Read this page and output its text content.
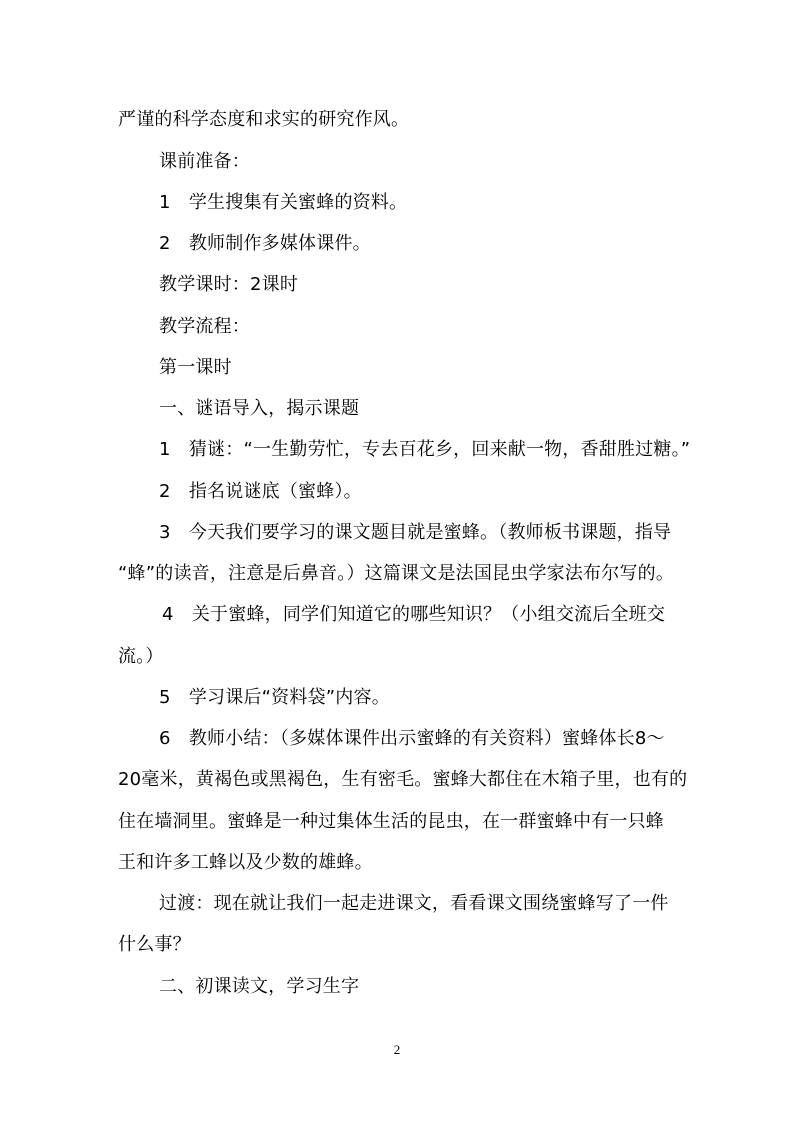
严谨的科学态度和求实的研究作风。
课前准备：
1　学生搜集有关蜜蜂的资料。
2　教师制作多媒体课件。
教学课时：2课时
教学流程：
第一课时
一、谜语导入，揭示课题
1　猜谜：“一生勤劳忙，专去百花乡，回来献一物，香甜胜过糖。”
2　指名说谜底（蜜蜂）。
3　今天我们要学习的课文题目就是蜜蜂。（教师板书课题，指导
“蜂”的读音，注意是后鼻音。）这篇课文是法国昆虫学家法布尔写的。
4　关于蜜蜂，同学们知道它的哪些知识？（小组交流后全班交
流。）
5　学习课后“资料袋”内容。
6　教师小结：（多媒体课件出示蜜蜂的有关资料）蜜蜂体长8～
20毫米，黄褐色或黑褐色，生有密毛。蜜蜂大都住在木箱子里，也有的
住在墙洞里。蜜蜂是一种过集体生活的昆虫，在一群蜜蜂中有一只蜂
王和许多工蜂以及少数的雄蜂。
过渡：现在就让我们一起走进课文，看看课文围绕蜜蜂写了一件
什么事？
二、初课读文，学习生字
2
